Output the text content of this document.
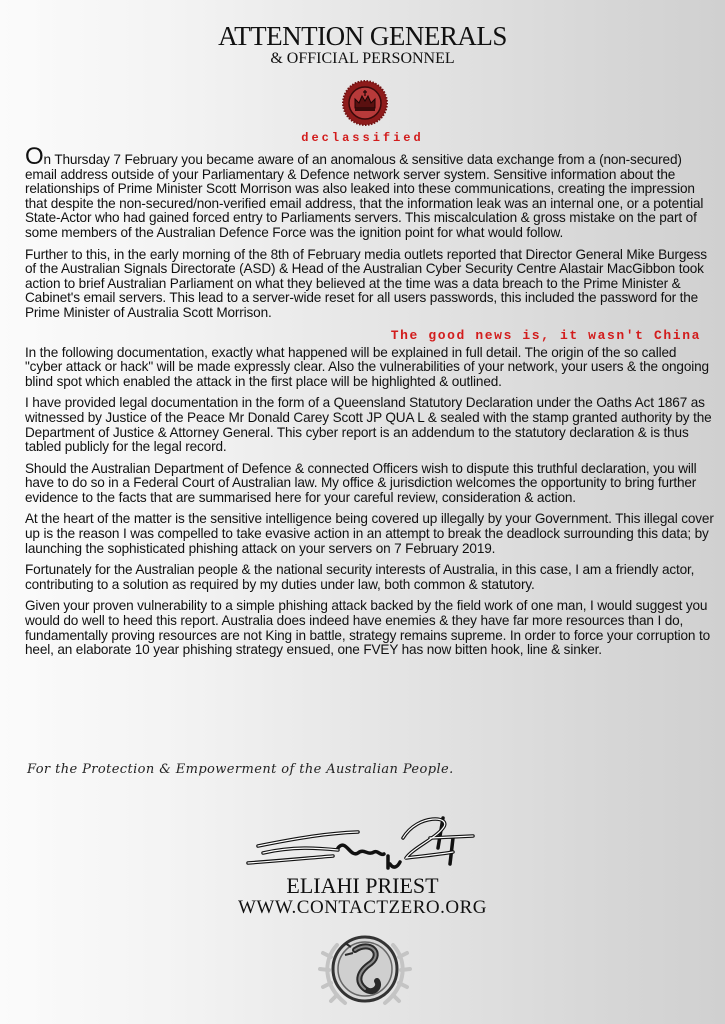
ATTENTION GENERALS
& OFFICIAL PERSONNEL
declassified

On Thursday 7 February you became aware of an anomalous & sensitive data exchange from a (non-secured) email address outside of your Parliamentary & Defence network server system. Sensitive information about the relationships of Prime Minister Scott Morrison was also leaked into these communications, creating the impression that despite the non-secured/non-verified email address, that the information leak was an internal one, or a potential State-Actor who had gained forced entry to Parliaments servers. This miscalculation & gross mistake on the part of some members of the Australian Defence Force was the ignition point for what would follow.

Further to this, in the early morning of the 8th of February media outlets reported that Director General Mike Burgess of the Australian Signals Directorate (ASD) & Head of the Australian Cyber Security Centre Alastair MacGibbon took action to brief Australian Parliament on what they believed at the time was a data breach to the Prime Minister & Cabinet's email servers. This lead to a server-wide reset for all users passwords, this included the password for the Prime Minister of Australia Scott Morrison.

The good news is, it wasn't China

In the following documentation, exactly what happened will be explained in full detail. The origin of the so called "cyber attack or hack" will be made expressly clear. Also the vulnerabilities of your network, your users & the ongoing blind spot which enabled the attack in the first place will be highlighted & outlined.

I have provided legal documentation in the form of a Queensland Statutory Declaration under the Oaths Act 1867 as witnessed by Justice of the Peace Mr Donald Carey Scott JP QUA L & sealed with the stamp granted authority by the Department of Justice & Attorney General. This cyber report is an addendum to the statutory declaration & is thus tabled publicly for the legal record.

Should the Australian Department of Defence & connected Officers wish to dispute this truthful declaration, you will have to do so in a Federal Court of Australian law. My office & jurisdiction welcomes the opportunity to bring further evidence to the facts that are summarised here for your careful review, consideration & action.

At the heart of the matter is the sensitive intelligence being covered up illegally by your Government. This illegal cover up is the reason I was compelled to take evasive action in an attempt to break the deadlock surrounding this data; by launching the sophisticated phishing attack on your servers on 7 February 2019.

Fortunately for the Australian people & the national security interests of Australia, in this case, I am a friendly actor, contributing to a solution as required by my duties under law, both common & statutory.

Given your proven vulnerability to a simple phishing attack backed by the field work of one man, I would suggest you would do well to heed this report. Australia does indeed have enemies & they have far more resources than I do, fundamentally proving resources are not King in battle, strategy remains supreme. In order to force your corruption to heel, an elaborate 10 year phishing strategy ensued, one FVEY has now bitten hook, line & sinker.

For the Protection & Empowerment of the Australian People.
ELIAHI PRIEST
WWW.CONTACTZERO.ORG
